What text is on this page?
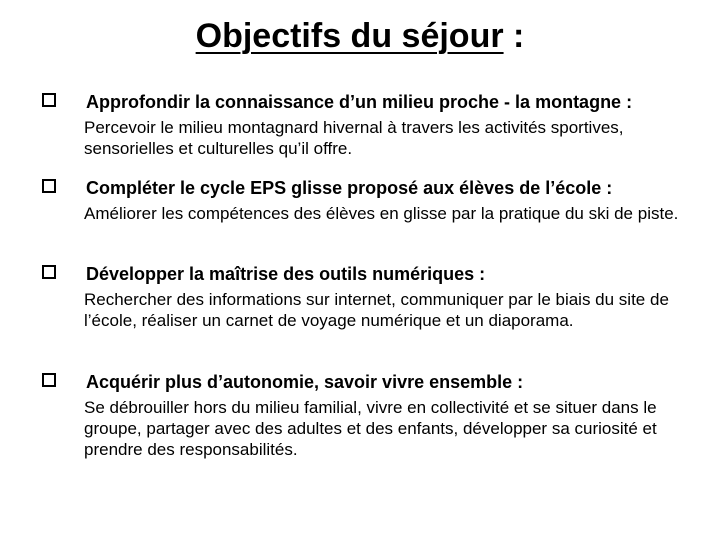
Objectifs du séjour :
Approfondir la connaissance d’un milieu proche - la montagne :
Percevoir le milieu montagnard hivernal à travers les activités sportives, sensorielles et culturelles qu’il offre.
Compléter le cycle EPS glisse proposé aux élèves de l’école :
Améliorer les compétences des élèves en glisse par la pratique du ski de piste.
Développer la maîtrise des outils numériques :
Rechercher des informations sur internet, communiquer par le biais du site de l’école, réaliser un carnet de voyage numérique et un diaporama.
Acquérir plus d’autonomie, savoir vivre ensemble :
Se débrouiller hors du milieu familial, vivre en collectivité et se situer dans le groupe, partager avec des adultes et des enfants, développer sa curiosité et prendre des responsabilités.
